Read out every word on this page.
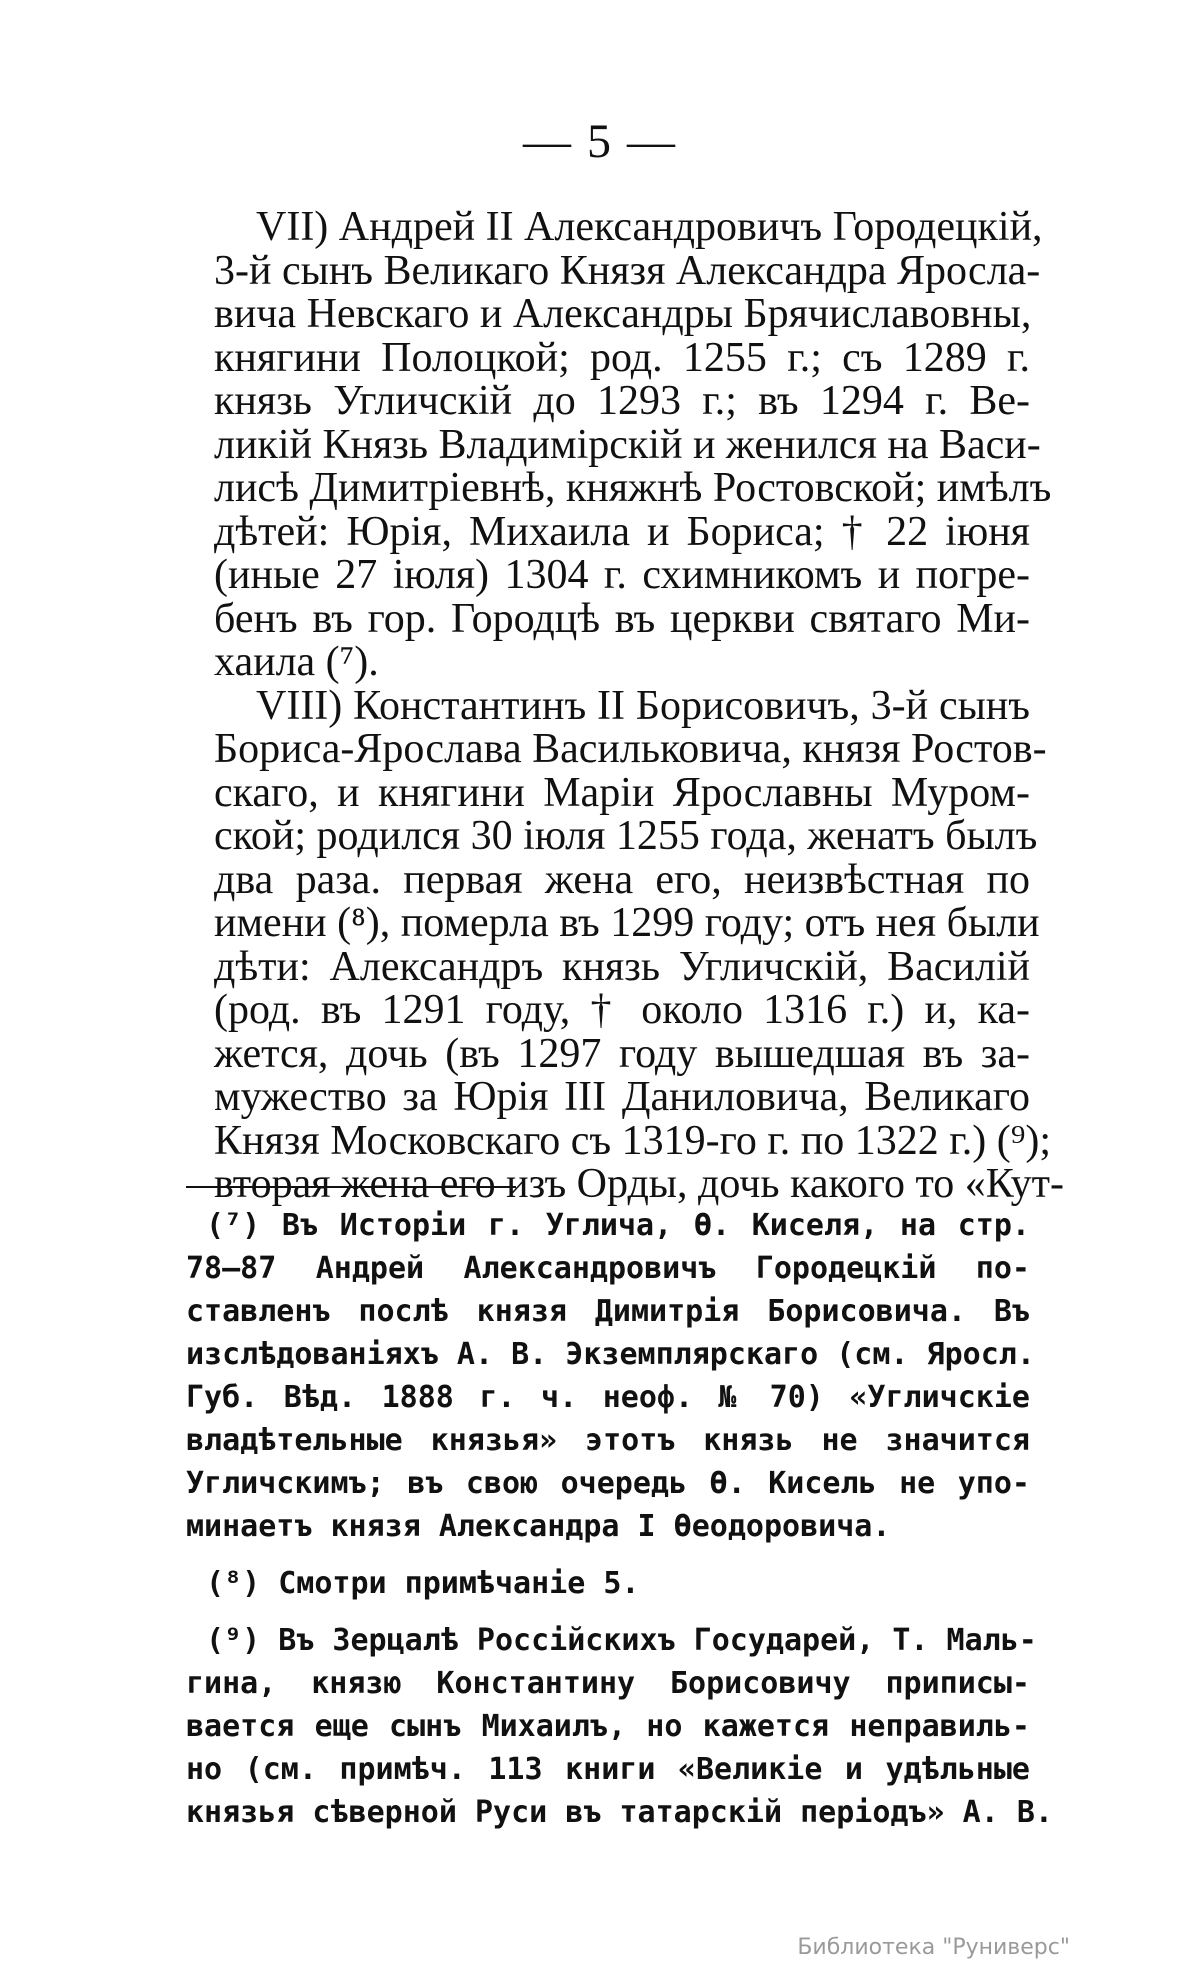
— 5 —

VII) Андрей II Александровичъ Городецкій,
3-й сынъ Великаго Князя Александра Яросла-
вича Невскаго и Александры Брячиславовны,
княгини Полоцкой; род. 1255 г.; съ 1289 г.
князь Угличскій до 1293 г.; въ 1294 г. Ве-
ликій Князь Владимірскій и женился на Васи-
лисѣ Димитріевнѣ, княжнѣ Ростовской; имѣлъ
дѣтей: Юрія, Михаила и Бориса; † 22 іюня
(иные 27 іюля) 1304 г. схимникомъ и погре-
бенъ въ гор. Городцѣ въ церкви святаго Ми-
хаила (⁷).

VIII) Константинъ II Борисовичъ, 3-й сынъ
Бориса-Ярослава Васильковича, князя Ростов-
скаго, и княгини Маріи Ярославны Муром-
ской; родился 30 іюля 1255 года, женатъ былъ
два раза. первая жена его, неизвѣстная по
имени (⁸), померла въ 1299 году; отъ нея были
дѣти: Александръ князь Угличскій, Василій
(род. въ 1291 году, † около 1316 г.) и, ка-
жется, дочь (въ 1297 году вышедшая въ за-
мужество за Юрія III Даниловича, Великаго
Князя Московскаго съ 1319-го г. по 1322 г.) (⁹);
вторая жена его изъ Орды, дочь какого то «Кут-

(⁷) Въ Исторіи г. Углича, Ѳ. Киселя, на стр.
78—87 Андрей Александровичъ Городецкій по-
ставленъ послѣ князя Димитрія Борисовича. Въ
изслѣдованіяхъ А. В. Экземплярскаго (см. Яросл.
Губ. Вѣд. 1888 г. ч. неоф. № 70) «Угличскіе
владѣтельные князья» этотъ князь не значится
Угличскимъ; въ свою очередь Ѳ. Кисель не упо-
минаетъ князя Александра I Ѳеодоровича.
(⁸) Смотри примѣчаніе 5.
(⁹) Въ Зерцалѣ Россійскихъ Государей, Т. Маль-
гина, князю Константину Борисовичу приписы-
вается еще сынъ Михаилъ, но кажется неправиль-
но (см. примѣч. 113 книги «Великіе и удѣльные
князья сѣверной Руси въ татарскій періодъ» А. В.
Библиотека "Руниверс"
